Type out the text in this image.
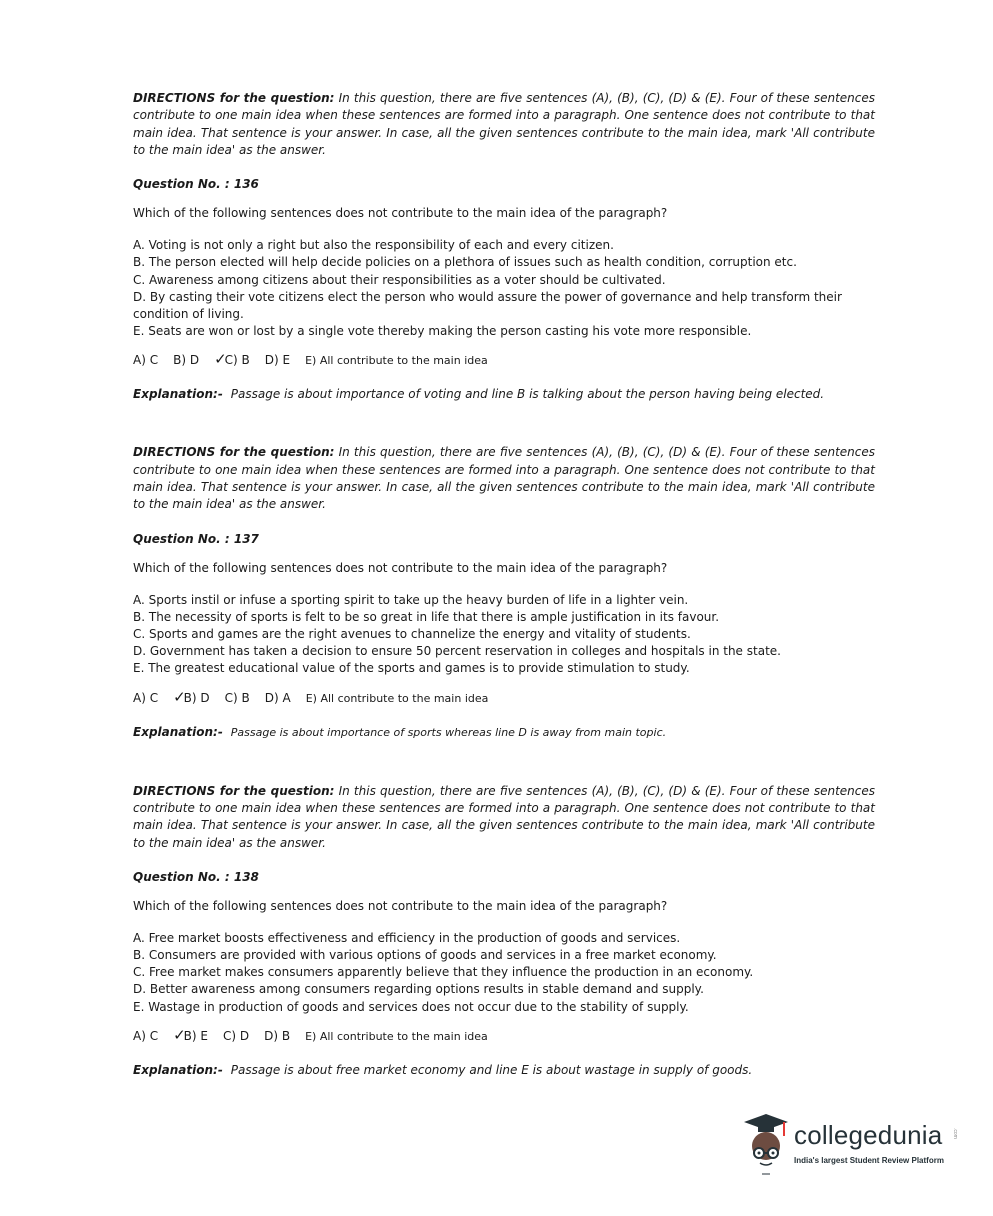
DIRECTIONS for the question: In this question, there are five sentences (A), (B), (C), (D) & (E). Four of these sentences contribute to one main idea when these sentences are formed into a paragraph. One sentence does not contribute to that main idea. That sentence is your answer. In case, all the given sentences contribute to the main idea, mark 'All contribute to the main idea' as the answer.

Question No. : 136
Which of the following sentences does not contribute to the main idea of the paragraph?
A. Voting is not only a right but also the responsibility of each and every citizen.
B. The person elected will help decide policies on a plethora of issues such as health condition, corruption etc.
C. Awareness among citizens about their responsibilities as a voter should be cultivated.
D. By casting their vote citizens elect the person who would assure the power of governance and help transform their condition of living.
E. Seats are won or lost by a single vote thereby making the person casting his vote more responsible.
A) C B) D ✓C) B D) E E) All contribute to the main idea
Explanation:- Passage is about importance of voting and line B is talking about the person having being elected.

DIRECTIONS for the question: In this question, there are five sentences (A), (B), (C), (D) & (E). Four of these sentences contribute to one main idea when these sentences are formed into a paragraph. One sentence does not contribute to that main idea. That sentence is your answer. In case, all the given sentences contribute to the main idea, mark 'All contribute to the main idea' as the answer.

Question No. : 137
Which of the following sentences does not contribute to the main idea of the paragraph?
A. Sports instil or infuse a sporting spirit to take up the heavy burden of life in a lighter vein.
B. The necessity of sports is felt to be so great in life that there is ample justification in its favour.
C. Sports and games are the right avenues to channelize the energy and vitality of students.
D. Government has taken a decision to ensure 50 percent reservation in colleges and hospitals in the state.
E. The greatest educational value of the sports and games is to provide stimulation to study.
A) C ✓B) D C) B D) A E) All contribute to the main idea
Explanation:- Passage is about importance of sports whereas line D is away from main topic.

DIRECTIONS for the question: In this question, there are five sentences (A), (B), (C), (D) & (E). Four of these sentences contribute to one main idea when these sentences are formed into a paragraph. One sentence does not contribute to that main idea. That sentence is your answer. In case, all the given sentences contribute to the main idea, mark 'All contribute to the main idea' as the answer.

Question No. : 138
Which of the following sentences does not contribute to the main idea of the paragraph?
A. Free market boosts effectiveness and efficiency in the production of goods and services.
B. Consumers are provided with various options of goods and services in a free market economy.
C. Free market makes consumers apparently believe that they influence the production in an economy.
D. Better awareness among consumers regarding options results in stable demand and supply.
E. Wastage in production of goods and services does not occur due to the stability of supply.
A) C ✓B) E C) D D) B E) All contribute to the main idea
Explanation:- Passage is about free market economy and line E is about wastage in supply of goods.
collegedunia .com
India's largest Student Review Platform
